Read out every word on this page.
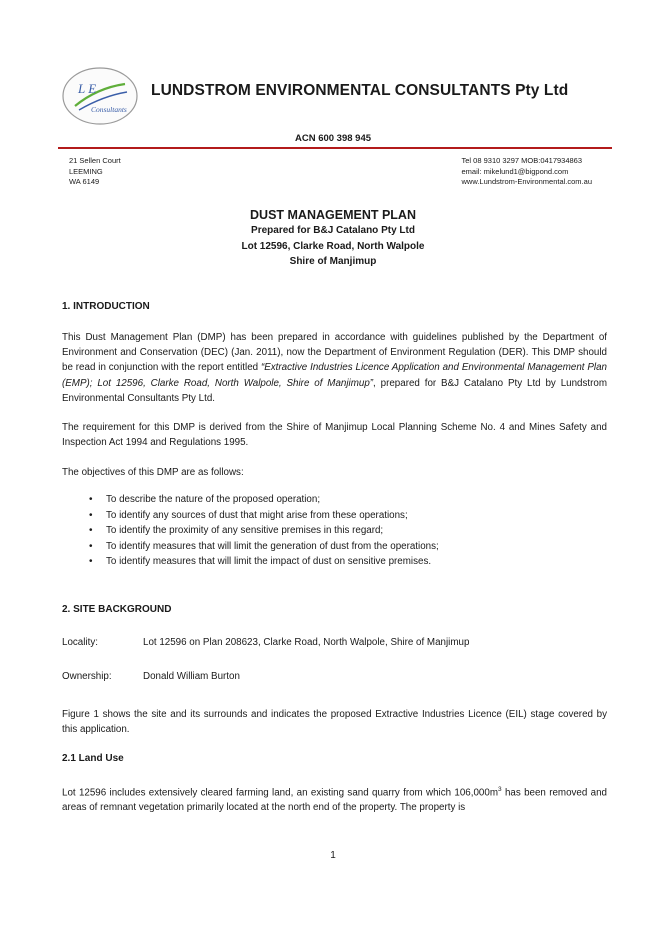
L E
Consultants
LUNDSTROM ENVIRONMENTAL CONSULTANTS Pty Ltd
ACN 600 398 945
21 Sellen Court
LEEMING
WA 6149
Tel 08 9310 3297 MOB:0417934863
email: mikelund1@bigpond.com
www.Lundstrom-Environmental.com.au
DUST MANAGEMENT PLAN
Prepared for B&J Catalano Pty Ltd
Lot 12596, Clarke Road, North Walpole
Shire of Manjimup
1. INTRODUCTION
This Dust Management Plan (DMP) has been prepared in accordance with guidelines published by the Department of Environment and Conservation (DEC) (Jan. 2011), now the Department of Environment Regulation (DER). This DMP should be read in conjunction with the report entitled “Extractive Industries Licence Application and Environmental Management Plan (EMP); Lot 12596, Clarke Road, North Walpole, Shire of Manjimup”, prepared for B&J Catalano Pty Ltd by Lundstrom Environmental Consultants Pty Ltd.
The requirement for this DMP is derived from the Shire of Manjimup Local Planning Scheme No. 4 and Mines Safety and Inspection Act 1994 and Regulations 1995.
The objectives of this DMP are as follows:
• To describe the nature of the proposed operation;
• To identify any sources of dust that might arise from these operations;
• To identify the proximity of any sensitive premises in this regard;
• To identify measures that will limit the generation of dust from the operations;
• To identify measures that will limit the impact of dust on sensitive premises.
2. SITE BACKGROUND
Locality:	Lot 12596 on Plan 208623, Clarke Road, North Walpole, Shire of Manjimup
Ownership:	Donald William Burton
Figure 1 shows the site and its surrounds and indicates the proposed Extractive Industries Licence (EIL) stage covered by this application.
2.1 Land Use
Lot 12596 includes extensively cleared farming land, an existing sand quarry from which $106,000m^3$ has been removed and areas of remnant vegetation primarily located at the north end of the property. The property is
1
